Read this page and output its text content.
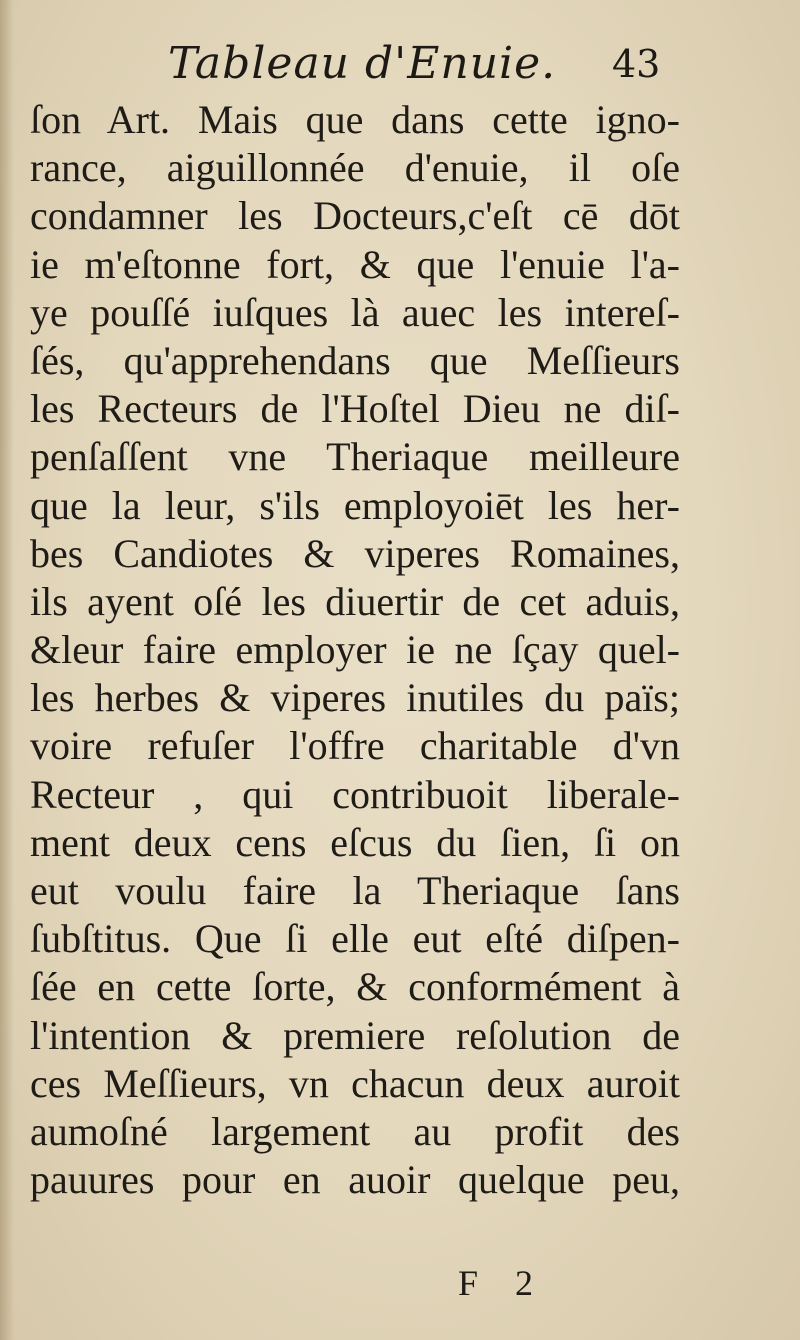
Tableau d'Enuie. 43
ſon Art. Mais que dans cette igno-
rance, aiguillonnée d'enuie, il oſe
condamner les Docteurs,c'eſt cē dōt
ie m'eſtonne fort, & que l'enuie l'a-
ye pouſſé iuſques là auec les intereſ-
ſés, qu'apprehendans que Meſſieurs
les Recteurs de l'Hoſtel Dieu ne diſ-
penſaſſent vne Theriaque meilleure
que la leur, s'ils employoiēt les her-
bes Candiotes & viperes Romaines,
ils ayent oſé les diuertir de cet aduis,
&leur faire employer ie ne ſçay quel-
les herbes & viperes inutiles du païs;
voire refuſer l'offre charitable d'vn
Recteur , qui contribuoit liberale-
ment deux cens eſcus du ſien, ſi on
eut voulu faire la Theriaque ſans
ſubſtitus. Que ſi elle eut eſté diſpen-
ſée en cette ſorte, & conformément à
l'intention & premiere reſolution de
ces Meſſieurs, vn chacun deux auroit
aumoſné largement au profit des
pauures pour en auoir quelque peu,
F 2
